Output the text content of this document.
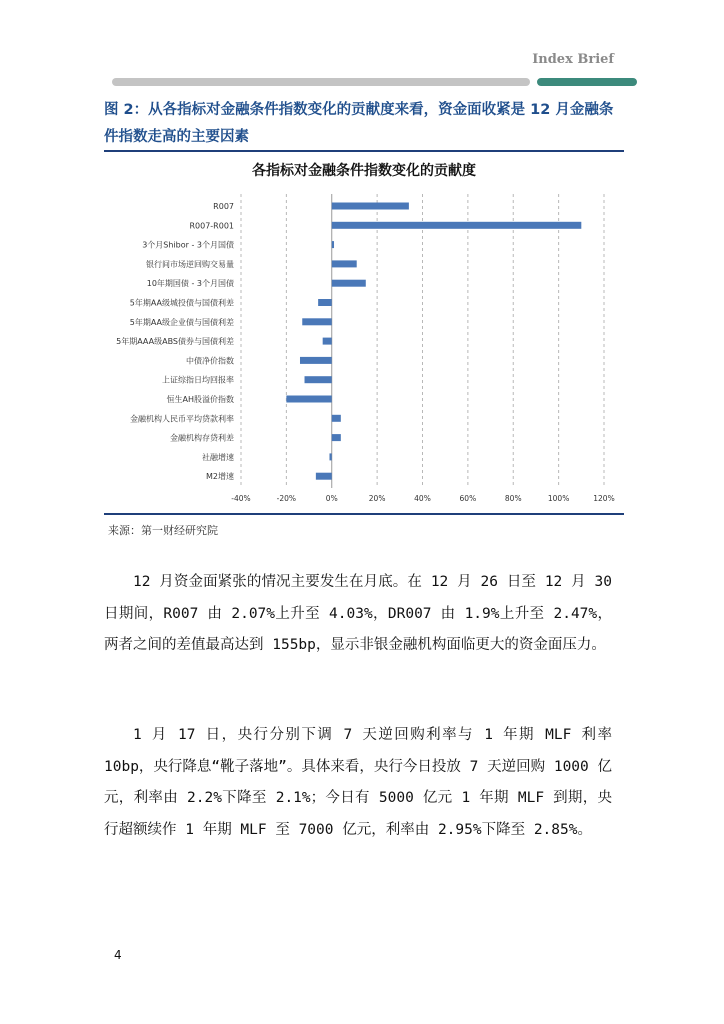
Index Brief
图 2：从各指标对金融条件指数变化的贡献度来看，资金面收紧是 12 月金融条件指数走高的主要因素
各指标对金融条件指数变化的贡献度
-40%	-20%	0%	20%	40%	60%	80%	100%	120%
R007
R007-R001
3个月Shibor - 3个月国债
银行间市场逆回购交易量
10年期国债 - 3个月国债
5年期AA级城投债与国债利差
5年期AA级企业债与国债利差
5年期AAA级ABS债券与国债利差
中债净价指数
上证综指日均回报率
恒生AH股溢价指数
金融机构人民币平均贷款利率
金融机构存贷利差
社融增速
M2增速
来源：第一财经研究院

12 月资金面紧张的情况主要发生在月底。在 12 月 26 日至 12 月 30 日期间，R007 由 2.07%上升至 4.03%，DR007 由 1.9%上升至 2.47%，两者之间的差值最高达到 155bp，显示非银金融机构面临更大的资金面压力。

1 月 17 日，央行分别下调 7 天逆回购利率与 1 年期 MLF 利率 10bp，央行降息“靴子落地”。具体来看，央行今日投放 7 天逆回购 1000 亿元，利率由 2.2%下降至 2.1%；今日有 5000 亿元 1 年期 MLF 到期，央行超额续作 1 年期 MLF 至 7000 亿元，利率由 2.95%下降至 2.85%。

4
